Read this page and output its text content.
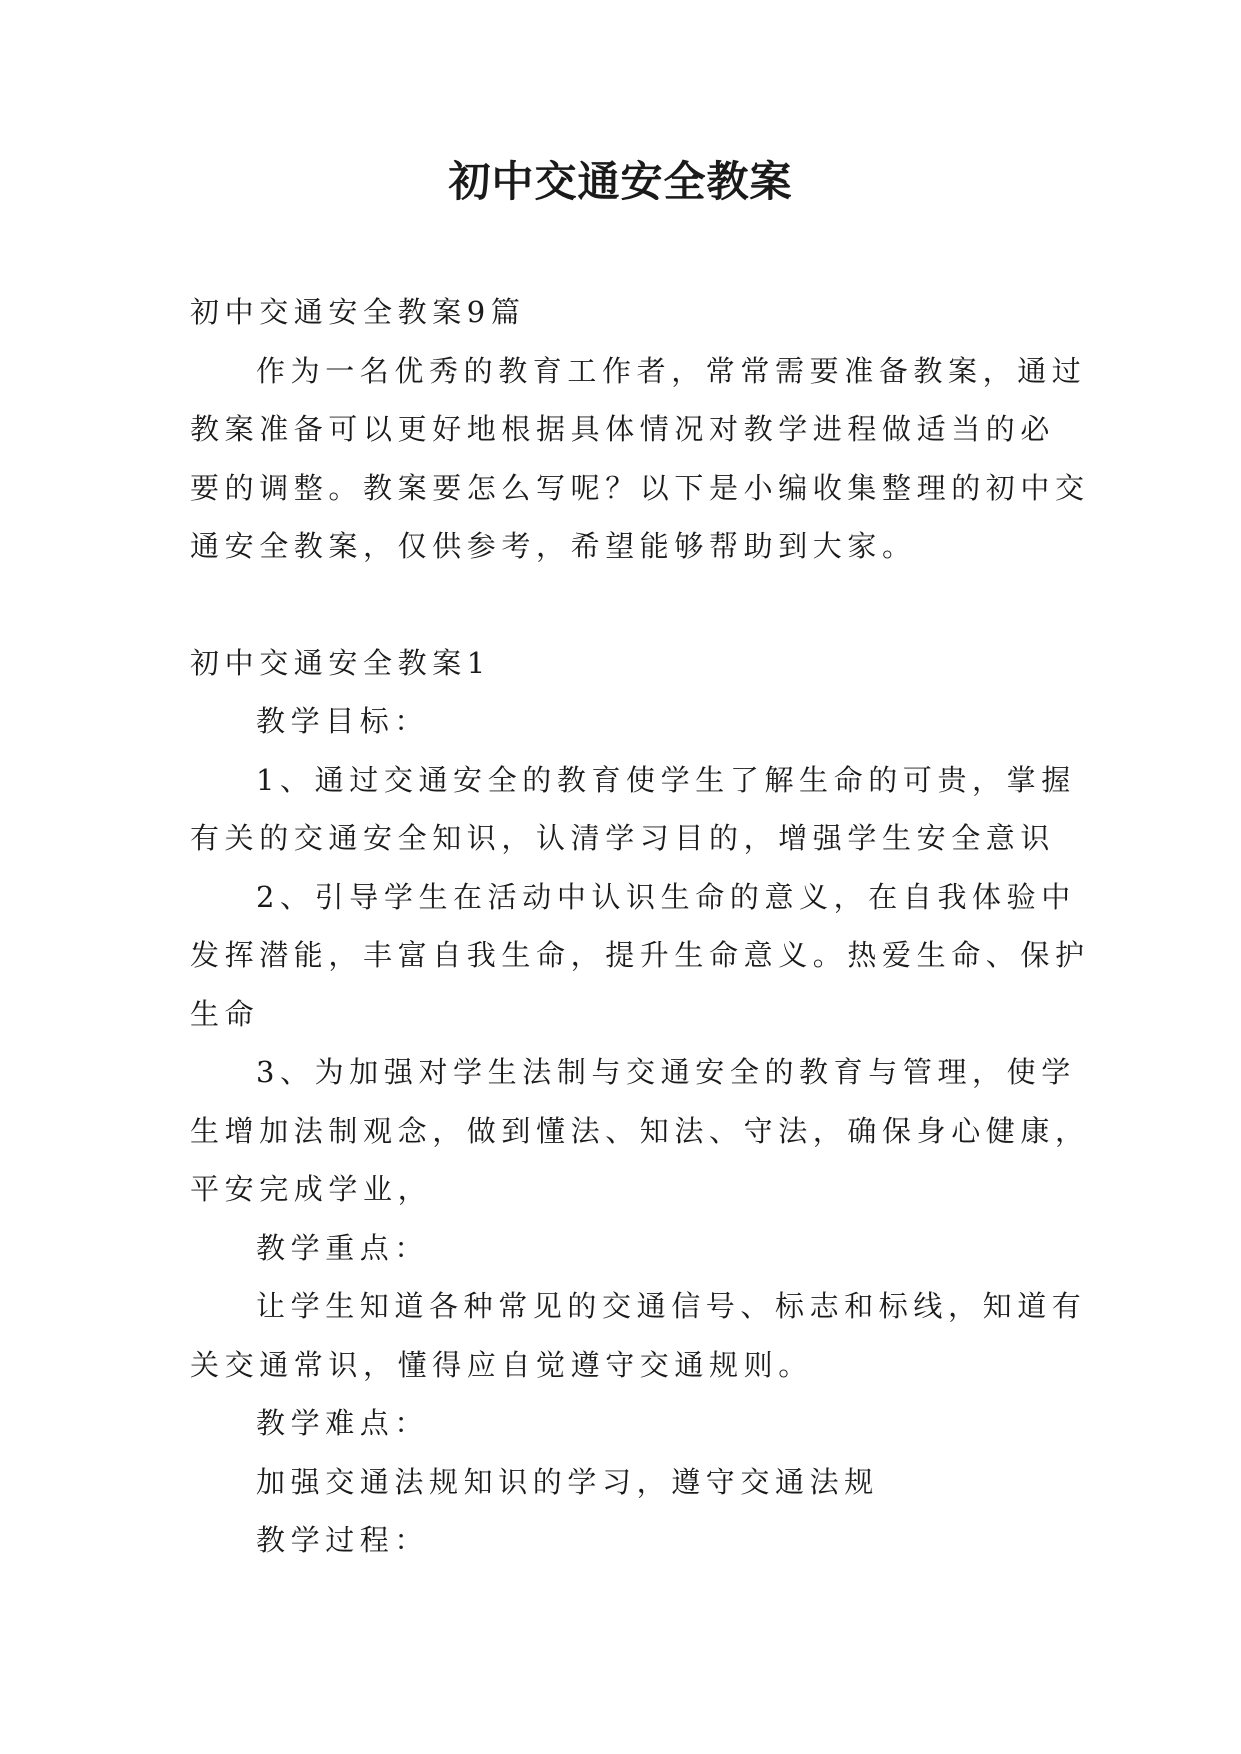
初中交通安全教案
初中交通安全教案9篇
作为一名优秀的教育工作者，常常需要准备教案，通过
教案准备可以更好地根据具体情况对教学进程做适当的必
要的调整。教案要怎么写呢？以下是小编收集整理的初中交
通安全教案，仅供参考，希望能够帮助到大家。
初中交通安全教案1
教学目标：
1、通过交通安全的教育使学生了解生命的可贵，掌握
有关的交通安全知识，认清学习目的，增强学生安全意识
2、引导学生在活动中认识生命的意义，在自我体验中
发挥潜能，丰富自我生命，提升生命意义。热爱生命、保护
生命
3、为加强对学生法制与交通安全的教育与管理，使学
生增加法制观念，做到懂法、知法、守法，确保身心健康，
平安完成学业，
教学重点：
让学生知道各种常见的交通信号、标志和标线，知道有
关交通常识，懂得应自觉遵守交通规则。
教学难点：
加强交通法规知识的学习，遵守交通法规
教学过程：
